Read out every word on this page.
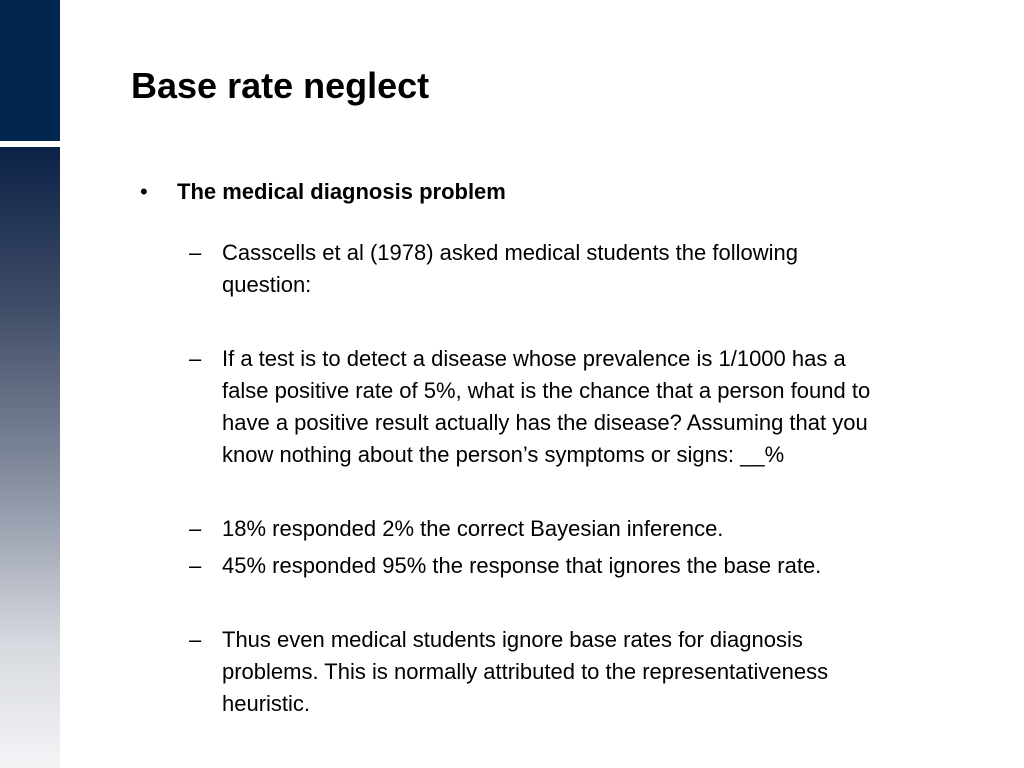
Base rate neglect
• The medical diagnosis problem
– Casscells et al (1978) asked medical students the following question:
– If a test is to detect a disease whose prevalence is 1/1000 has a false positive rate of 5%, what is the chance that a person found to have a positive result actually has the disease? Assuming that you know nothing about the person’s symptoms or signs: __%
– 18% responded 2% the correct Bayesian inference.
– 45% responded 95% the response that ignores the base rate.
– Thus even medical students ignore base rates for diagnosis problems. This is normally attributed to the representativeness heuristic.
